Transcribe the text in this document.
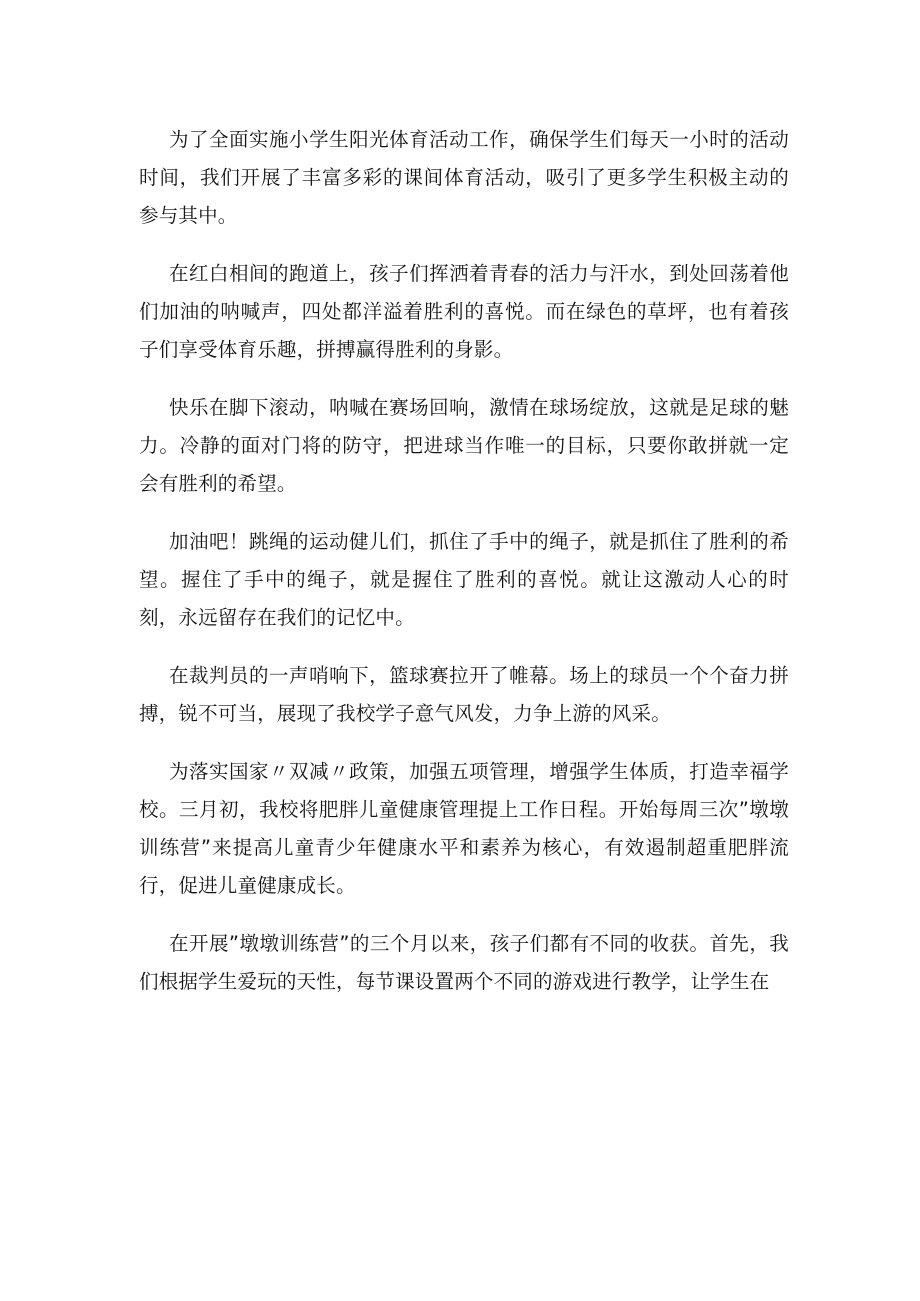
为了全面实施小学生阳光体育活动工作，确保学生们每天一小时的活动时间，我们开展了丰富多彩的课间体育活动，吸引了更多学生积极主动的参与其中。

在红白相间的跑道上，孩子们挥洒着青春的活力与汗水，到处回荡着他们加油的呐喊声，四处都洋溢着胜利的喜悦。而在绿色的草坪，也有着孩子们享受体育乐趣，拼搏赢得胜利的身影。

快乐在脚下滚动，呐喊在赛场回响，激情在球场绽放，这就是足球的魅力。冷静的面对门将的防守，把进球当作唯一的目标，只要你敢拼就一定会有胜利的希望。

加油吧！跳绳的运动健儿们，抓住了手中的绳子，就是抓住了胜利的希望。握住了手中的绳子，就是握住了胜利的喜悦。就让这激动人心的时刻，永远留存在我们的记忆中。

在裁判员的一声哨响下，篮球赛拉开了帷幕。场上的球员一个个奋力拼搏，锐不可当，展现了我校学子意气风发，力争上游的风采。

为落实国家〃双减〃政策，加强五项管理，增强学生体质，打造幸福学校。三月初，我校将肥胖儿童健康管理提上工作日程。开始每周三次”墩墩训练营”来提高儿童青少年健康水平和素养为核心，有效遏制超重肥胖流行，促进儿童健康成长。

在开展”墩墩训练营”的三个月以来，孩子们都有不同的收获。首先，我们根据学生爱玩的天性，每节课设置两个不同的游戏进行教学，让学生在
